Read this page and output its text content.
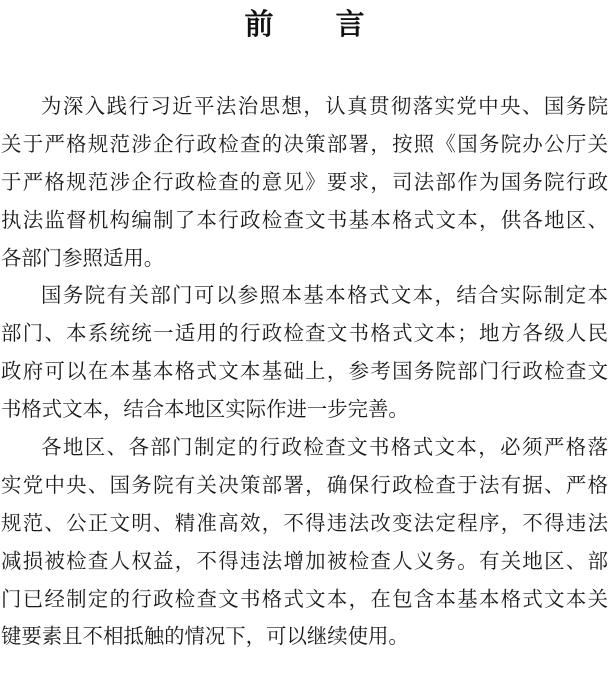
前 言
为深入践行习近平法治思想，认真贯彻落实党中央、国务院
关于严格规范涉企行政检查的决策部署，按照《国务院办公厅关
于严格规范涉企行政检查的意见》要求，司法部作为国务院行政
执法监督机构编制了本行政检查文书基本格式文本，供各地区、
各部门参照适用。
国务院有关部门可以参照本基本格式文本，结合实际制定本
部门、本系统统一适用的行政检查文书格式文本；地方各级人民
政府可以在本基本格式文本基础上，参考国务院部门行政检查文
书格式文本，结合本地区实际作进一步完善。
各地区、各部门制定的行政检查文书格式文本，必须严格落
实党中央、国务院有关决策部署，确保行政检查于法有据、严格
规范、公正文明、精准高效，不得违法改变法定程序，不得违法
减损被检查人权益，不得违法增加被检查人义务。有关地区、部
门已经制定的行政检查文书格式文本，在包含本基本格式文本关
键要素且不相抵触的情况下，可以继续使用。
